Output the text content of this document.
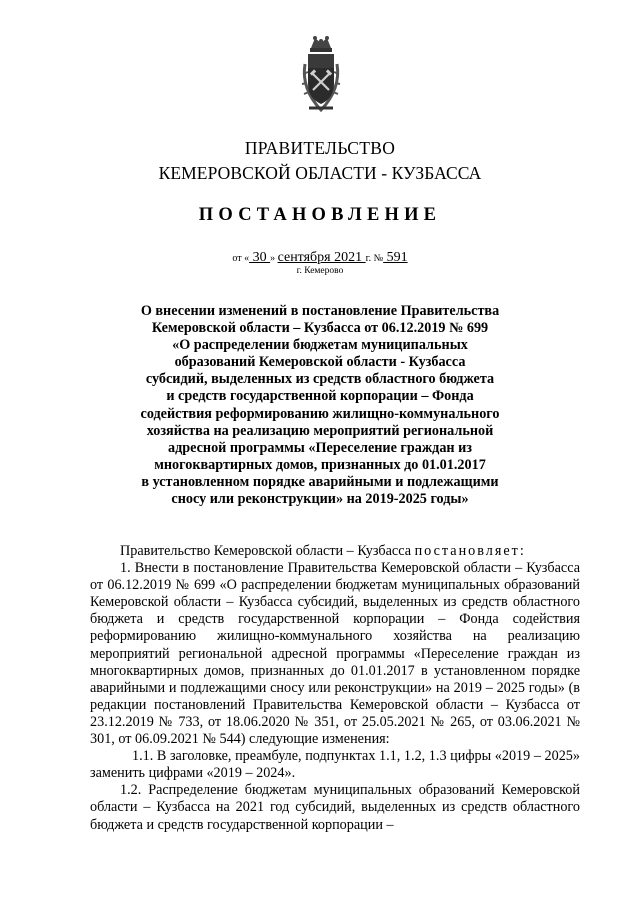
ПРАВИТЕЛЬСТВО
КЕМЕРОВСКОЙ ОБЛАСТИ - КУЗБАССА
ПОСТАНОВЛЕНИЕ
от « 30 » сентября 2021 г. № 591
г. Кемерово
О внесении изменений в постановление Правительства
Кемеровской области – Кузбасса от 06.12.2019 № 699
«О распределении бюджетам муниципальных
образований Кемеровской области - Кузбасса
субсидий, выделенных из средств областного бюджета
и средств государственной корпорации – Фонда
содействия реформированию жилищно-коммунального
хозяйства на реализацию мероприятий региональной
адресной программы «Переселение граждан из
многоквартирных домов, признанных до 01.01.2017
в установленном порядке аварийными и подлежащими
сносу или реконструкции» на 2019-2025 годы»

Правительство Кемеровской области – Кузбасса постановляет:

1. Внести в постановление Правительства Кемеровской области – Кузбасса от 06.12.2019 № 699 «О распределении бюджетам муниципальных образований Кемеровской области – Кузбасса субсидий, выделенных из средств областного бюджета и средств государственной корпорации – Фонда содействия реформированию жилищно-коммунального хозяйства на реализацию мероприятий региональной адресной программы «Переселение граждан из многоквартирных домов, признанных до 01.01.2017 в установленном порядке аварийными и подлежащими сносу или реконструкции» на 2019 – 2025 годы» (в редакции постановлений Правительства Кемеровской области – Кузбасса от 23.12.2019 № 733, от 18.06.2020 № 351, от 25.05.2021 № 265, от 03.06.2021 № 301, от 06.09.2021 № 544) следующие изменения:

1.1. В заголовке, преамбуле, подпунктах 1.1, 1.2, 1.3 цифры «2019 – 2025» заменить цифрами «2019 – 2024».

1.2. Распределение бюджетам муниципальных образований Кемеровской области – Кузбасса на 2021 год субсидий, выделенных из средств областного бюджета и средств государственной корпорации –
